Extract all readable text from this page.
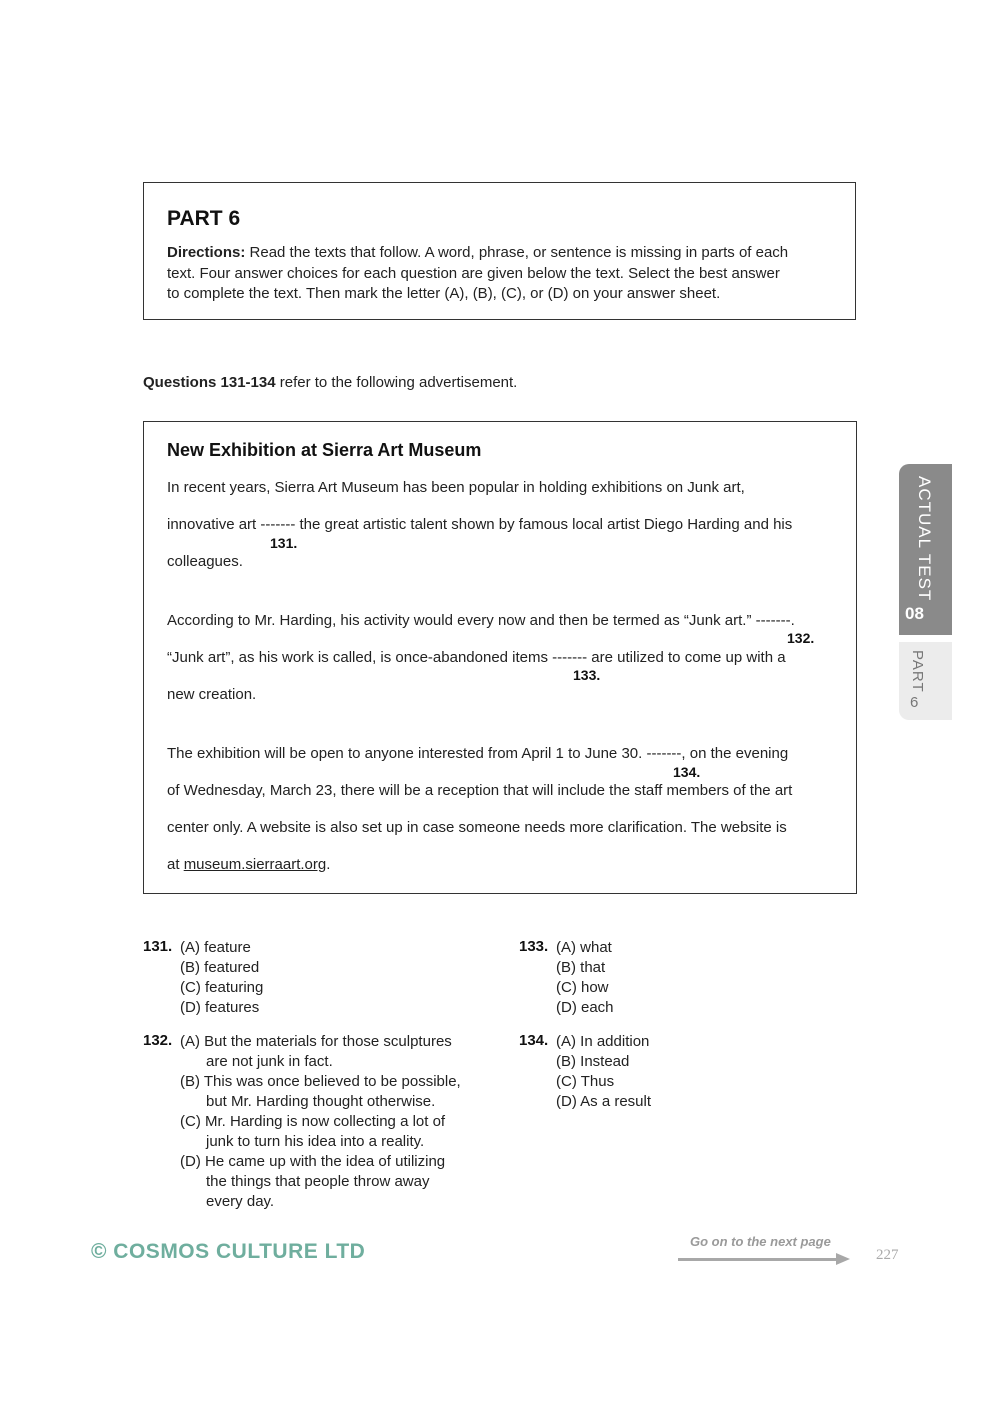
PART 6
Directions: Read the texts that follow. A word, phrase, or sentence is missing in parts of each
text. Four answer choices for each question are given below the text. Select the best answer
to complete the text. Then mark the letter (A), (B), (C), or (D) on your answer sheet.
Questions 131-134 refer to the following advertisement.
New Exhibition at Sierra Art Museum
In recent years, Sierra Art Museum has been popular in holding exhibitions on Junk art,
innovative art ------- the great artistic talent shown by famous local artist Diego Harding and his
131.
colleagues.
According to Mr. Harding, his activity would every now and then be termed as “Junk art.” -------.
132.
“Junk art”, as his work is called, is once-abandoned items ------- are utilized to come up with a
133.
new creation.
The exhibition will be open to anyone interested from April 1 to June 30. -------, on the evening
134.
of Wednesday, March 23, there will be a reception that will include the staff members of the art
center only. A website is also set up in case someone needs more clarification. The website is
at museum.sierraart.org.
131. (A) feature
(B) featured
(C) featuring
(D) features
133. (A) what
(B) that
(C) how
(D) each
132. (A) But the materials for those sculptures
are not junk in fact.
(B) This was once believed to be possible,
but Mr. Harding thought otherwise.
(C) Mr. Harding is now collecting a lot of
junk to turn his idea into a reality.
(D) He came up with the idea of utilizing
the things that people throw away
every day.
134. (A) In addition
(B) Instead
(C) Thus
(D) As a result
ACTUAL TEST
08
PART
6
© COSMOS CULTURE LTD	Go on to the next page
227
